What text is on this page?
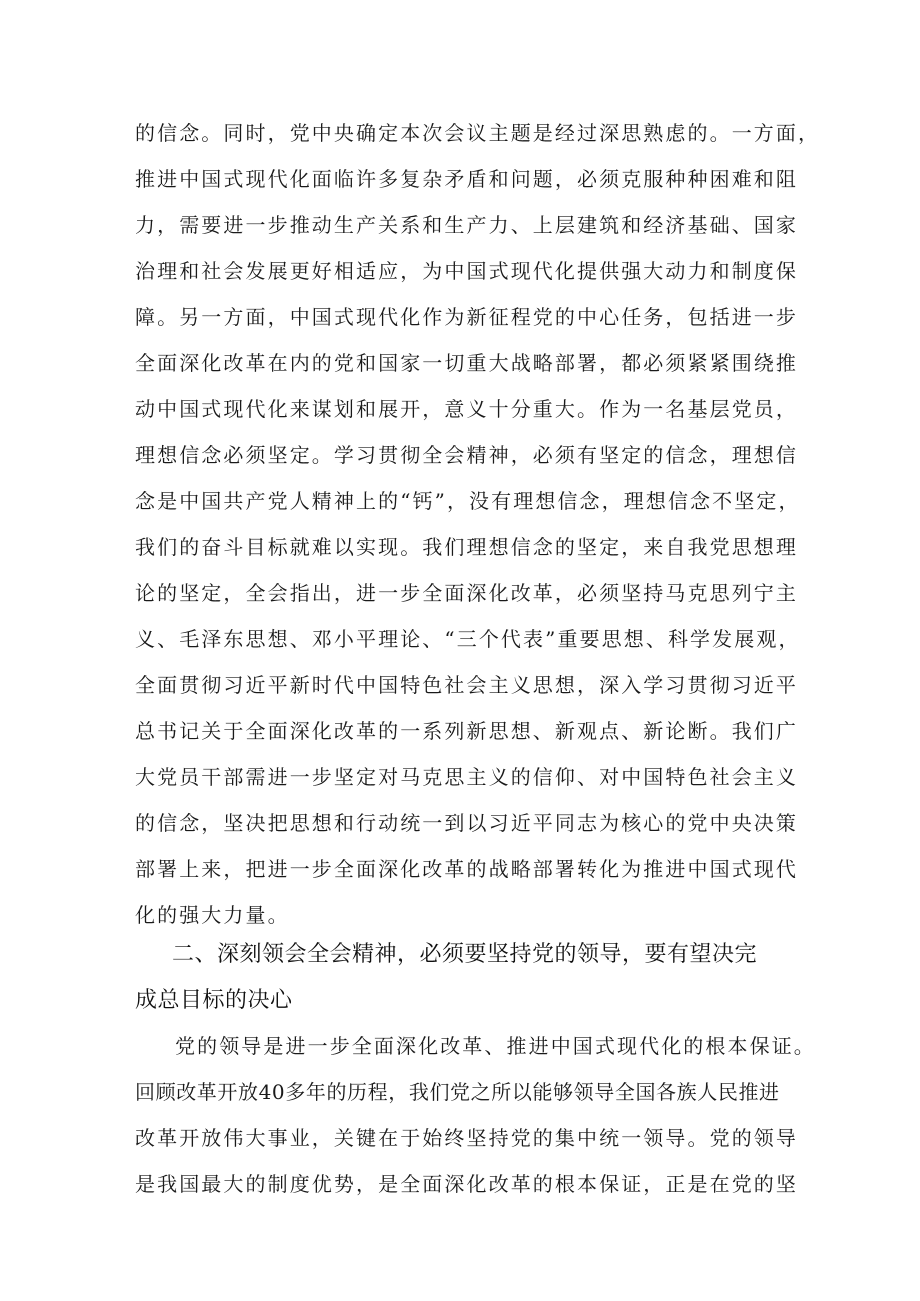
的信念。同时，党中央确定本次会议主题是经过深思熟虑的。一方面，
推进中国式现代化面临许多复杂矛盾和问题，必须克服种种困难和阻
力，需要进一步推动生产关系和生产力、上层建筑和经济基础、国家
治理和社会发展更好相适应，为中国式现代化提供强大动力和制度保
障。另一方面，中国式现代化作为新征程党的中心任务，包括进一步
全面深化改革在内的党和国家一切重大战略部署，都必须紧紧围绕推
动中国式现代化来谋划和展开，意义十分重大。作为一名基层党员，
理想信念必须坚定。学习贯彻全会精神，必须有坚定的信念，理想信
念是中国共产党人精神上的“钙”，没有理想信念，理想信念不坚定，
我们的奋斗目标就难以实现。我们理想信念的坚定，来自我党思想理
论的坚定，全会指出，进一步全面深化改革，必须坚持马克思列宁主
义、毛泽东思想、邓小平理论、“三个代表”重要思想、科学发展观，
全面贯彻习近平新时代中国特色社会主义思想，深入学习贯彻习近平
总书记关于全面深化改革的一系列新思想、新观点、新论断。我们广
大党员干部需进一步坚定对马克思主义的信仰、对中国特色社会主义
的信念，坚决把思想和行动统一到以习近平同志为核心的党中央决策
部署上来，把进一步全面深化改革的战略部署转化为推进中国式现代
化的强大力量。
二、深刻领会全会精神，必须要坚持党的领导，要有望决完
成总目标的决心
党的领导是进一步全面深化改革、推进中国式现代化的根本保证。
回顾改革开放40多年的历程，我们党之所以能够领导全国各族人民推进
改革开放伟大事业，关键在于始终坚持党的集中统一领导。党的领导
是我国最大的制度优势，是全面深化改革的根本保证，正是在党的坚
